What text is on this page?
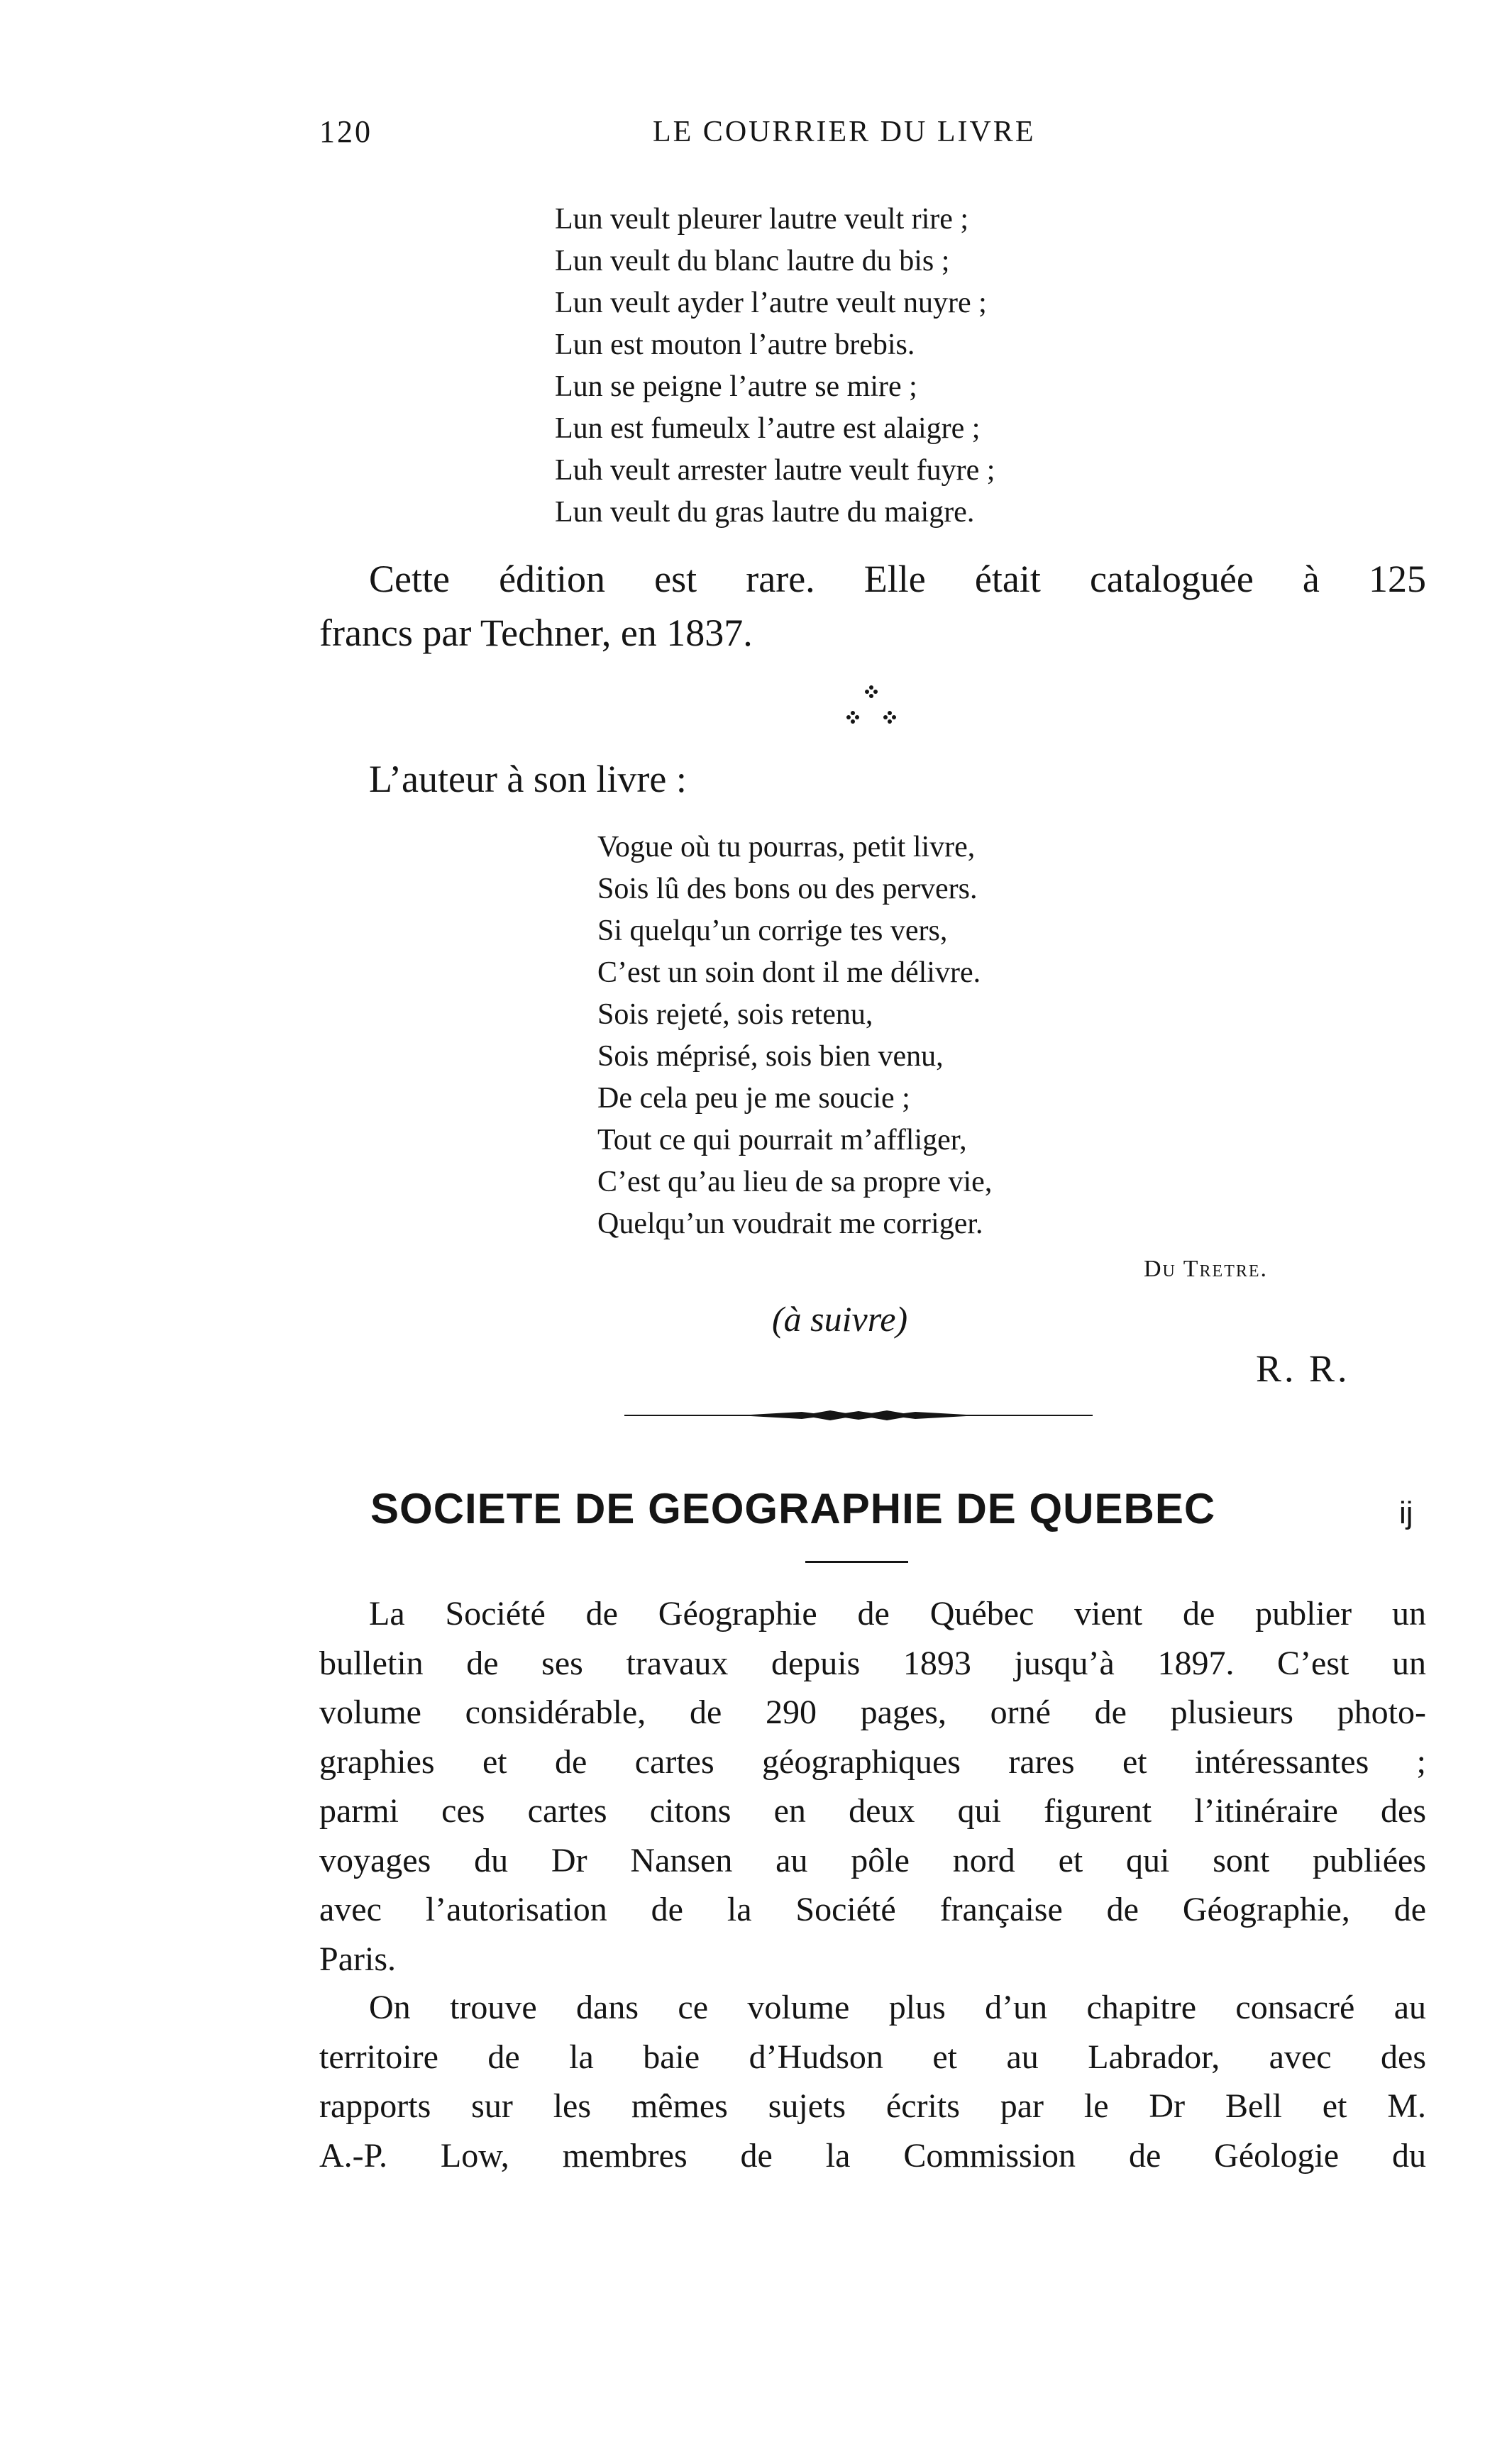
120	LE COURRIER DU LIVRE
Lun veult pleurer lautre veult rire ;
Lun veult du blanc lautre du bis ;
Lun veult ayder l’autre veult nuyre ;
Lun est mouton l’autre brebis.
Lun se peigne l’autre se mire ;
Lun est fumeulx l’autre est alaigre ;
Luh veult arrester lautre veult fuyre ;
Lun veult du gras lautre du maigre.
Cette édition est rare. Elle était cataloguée à 125
francs par Techner, en 1837.
L’auteur à son livre :
Vogue où tu pourras, petit livre,
Sois lû des bons ou des pervers.
Si quelqu’un corrige tes vers,
C’est un soin dont il me délivre.
Sois rejeté, sois retenu,
Sois méprisé, sois bien venu,
De cela peu je me soucie ;
Tout ce qui pourrait m’affliger,
C’est qu’au lieu de sa propre vie,
Quelqu’un voudrait me corriger.
Du Tretre.
(à suivre)
R. R.
SOCIETE DE GEOGRAPHIE DE QUEBEC	ij
La Société de Géographie de Québec vient de publier un
bulletin de ses travaux depuis 1893 jusqu’à 1897. C’est un
volume considérable, de 290 pages, orné de plusieurs photo-
graphies et de cartes géographiques rares et intéressantes ;
parmi ces cartes citons en deux qui figurent l’itinéraire des
voyages du Dr Nansen au pôle nord et qui sont publiées
avec l’autorisation de la Société française de Géographie, de
Paris.
On trouve dans ce volume plus d’un chapitre consacré au
territoire de la baie d’Hudson et au Labrador, avec des
rapports sur les mêmes sujets écrits par le Dr Bell et M.
A.-P. Low, membres de la Commission de Géologie du
